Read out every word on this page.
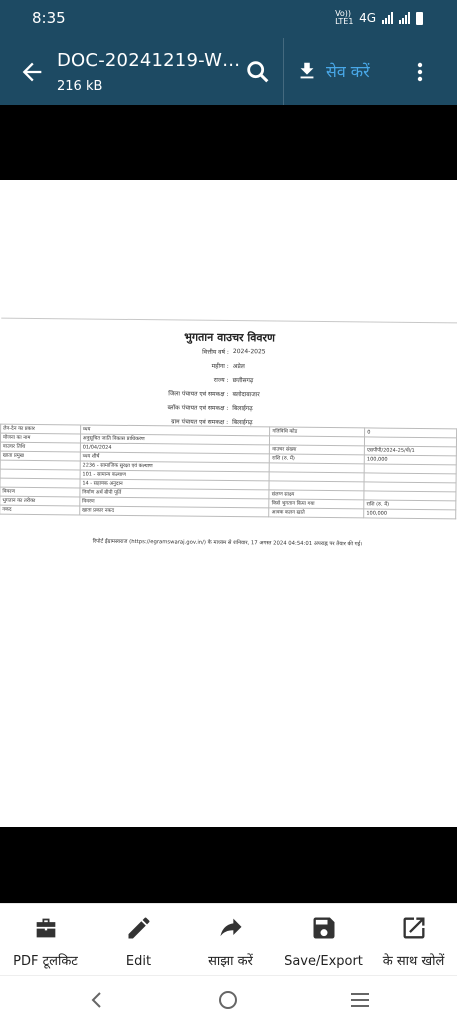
8:35	Vo)) LTE1 4G
DOC-20241219-W…
216 kB
सेव करें
भुगतान वाउचर विवरण
वित्तीय वर्ष : 2024-2025
महीना : अप्रेल
राज्य : छत्तीसगढ़
जिला पंचायत एवं समकक्ष : बलोदाबाजार
ब्लॉक पंचायत एवं समकक्ष : बिलाईगढ़
ग्राम पंचायत एवं समकक्ष : बिलाईगढ़
लेन-देन का प्रकार	व्यय	गतिविधि कोड	0
योजना का नाम	अनुसूचित जाति विकास प्राधिकरण		
वाउचर तिथि	01/04/2024	वाउचर संख्या	एसपीपी/2024-25/पी/1
खाता प्रमुख	व्यय शीर्ष	राशि (रु. में)	100,000
	2236 - सामाजिक सुरक्षा एवं कल्याण		
	101 - सामान्य कल्याण		
	14 - सहायक अनुदान		
विवरण	निर्माण अर्ध बीपी पूर्ति	संलग्न साक्ष्य	
भुगतान का तरीका	विवरण	किसे भुगतान किया गया	राशि (रु. में)
नकद	खाता प्रकार नकद	आवक कलन खाते	100,000
रिपोर्ट ईग्रामस्वराज (https://egramswaraj.gov.in/) के माध्यम से शनिवार, 17 अगस्त 2024 04:54:01 अपराह्न पर तैयार की गई।
PDF टूलकिट	Edit	साझा करें	Save/Export	के साथ खोलें
